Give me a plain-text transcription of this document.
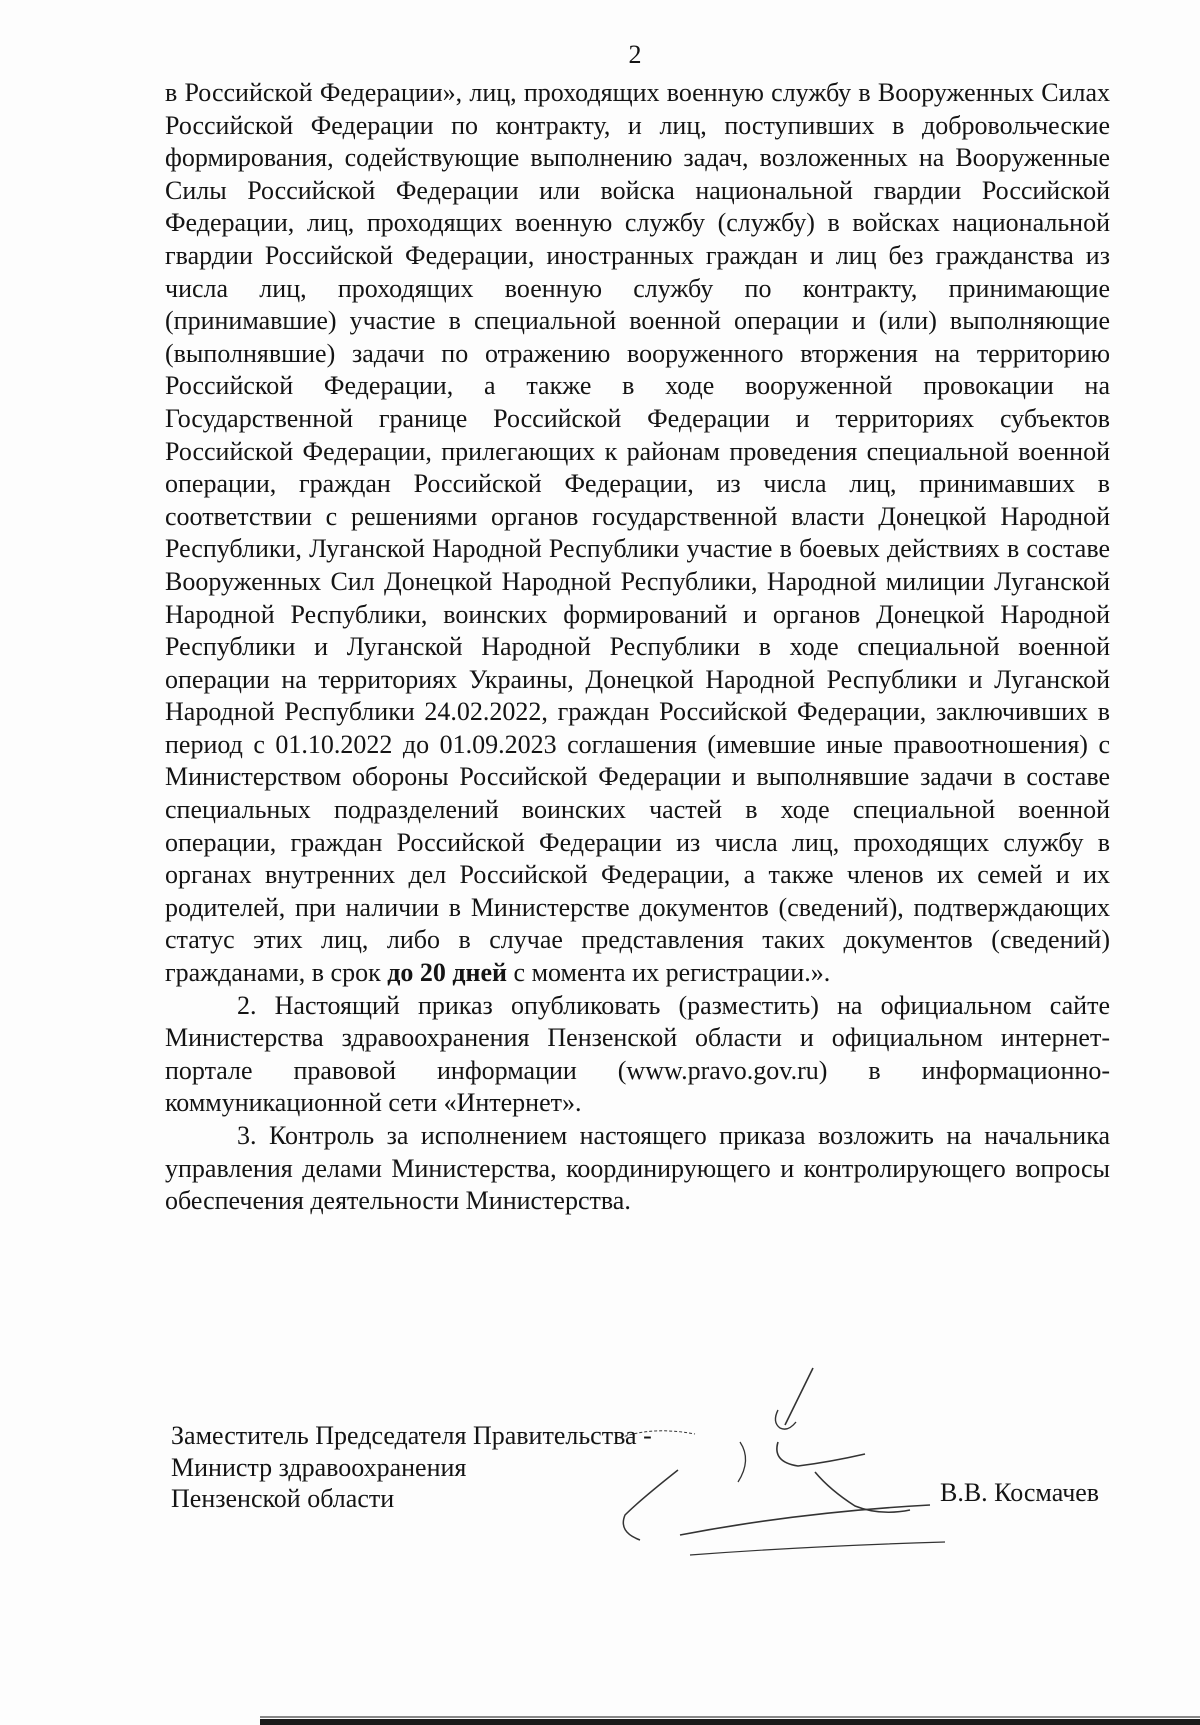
2

в Российской Федерации», лиц, проходящих военную службу в Вооруженных Силах Российской Федерации по контракту, и лиц, поступивших в добровольческие формирования, содействующие выполнению задач, возложенных на Вооруженные Силы Российской Федерации или войска национальной гвардии Российской Федерации, лиц, проходящих военную службу (службу) в войсках национальной гвардии Российской Федерации, иностранных граждан и лиц без гражданства из числа лиц, проходящих военную службу по контракту, принимающие (принимавшие) участие в специальной военной операции и (или) выполняющие (выполнявшие) задачи по отражению вооруженного вторжения на территорию Российской Федерации, а также в ходе вооруженной провокации на Государственной границе Российской Федерации и территориях субъектов Российской Федерации, прилегающих к районам проведения специальной военной операции, граждан Российской Федерации, из числа лиц, принимавших в соответствии с решениями органов государственной власти Донецкой Народной Республики, Луганской Народной Республики участие в боевых действиях в составе Вооруженных Сил Донецкой Народной Республики, Народной милиции Луганской Народной Республики, воинских формирований и органов Донецкой Народной Республики и Луганской Народной Республики в ходе специальной военной операции на территориях Украины, Донецкой Народной Республики и Луганской Народной Республики 24.02.2022, граждан Российской Федерации, заключивших в период с 01.10.2022 до 01.09.2023 соглашения (имевшие иные правоотношения) с Министерством обороны Российской Федерации и выполнявшие задачи в составе специальных подразделений воинских частей в ходе специальной военной операции, граждан Российской Федерации из числа лиц, проходящих службу в органах внутренних дел Российской Федерации, а также членов их семей и их родителей, при наличии в Министерстве документов (сведений), подтверждающих статус этих лиц, либо в случае представления таких документов (сведений) гражданами, в срок до 20 дней с момента их регистрации.».

2. Настоящий приказ опубликовать (разместить) на официальном сайте Министерства здравоохранения Пензенской области и официальном интернет-портале правовой информации (www.pravo.gov.ru) в информационно-коммуникационной сети «Интернет».

3. Контроль за исполнением настоящего приказа возложить на начальника управления делами Министерства, координирующего и контролирующего вопросы обеспечения деятельности Министерства.

Заместитель Председателя Правительства -
Министр здравоохранения
Пензенской области	В.В. Космачев
